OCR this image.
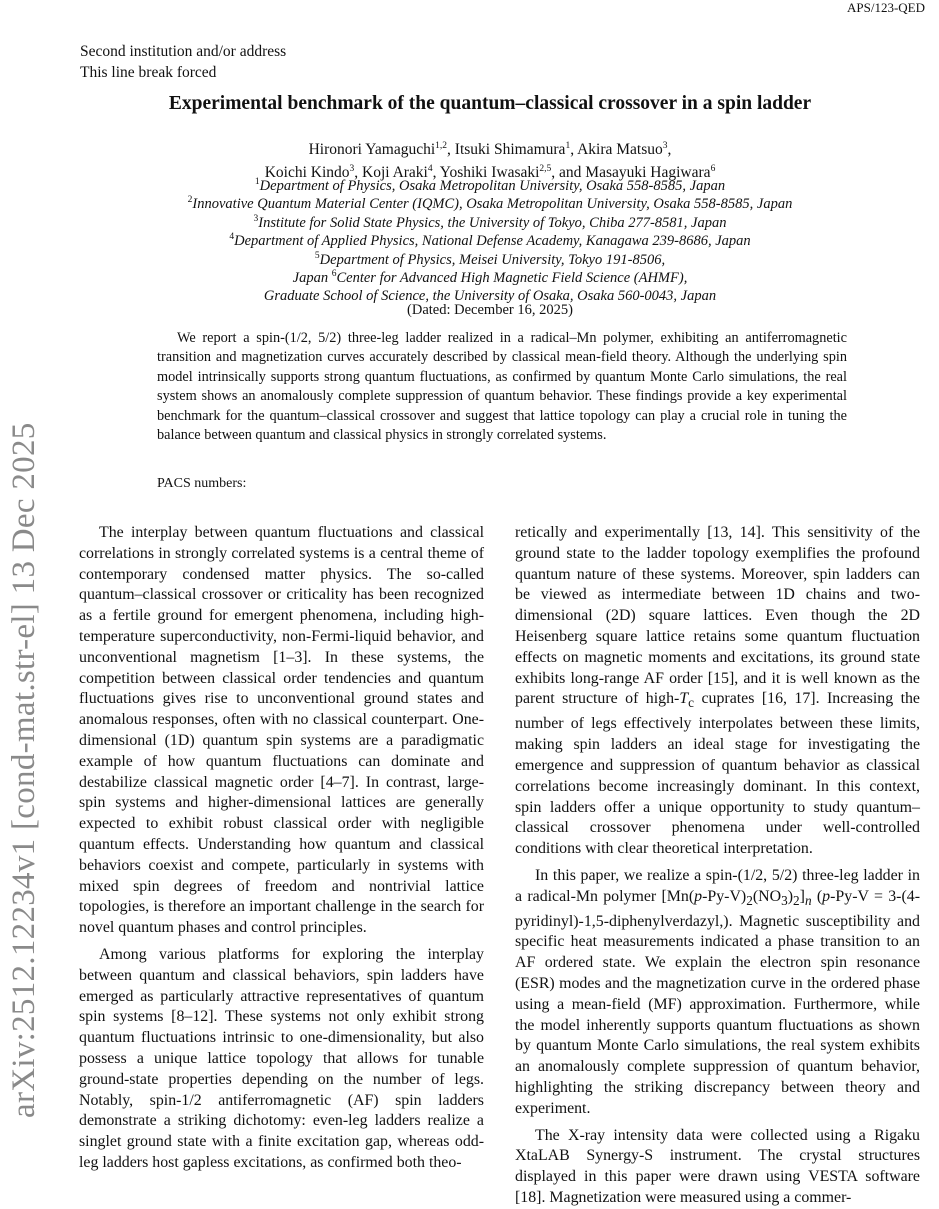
arXiv:2512.12234v1 [cond-mat.str-el] 13 Dec 2025
APS/123-QED
Second institution and/or address
This line break forced
Experimental benchmark of the quantum–classical crossover in a spin ladder
Hironori Yamaguchi$^{1,2}$, Itsuki Shimamura$^1$, Akira Matsuo$^3$,
Koichi Kindo$^3$, Koji Araki$^4$, Yoshiki Iwasaki$^{2,5}$, and Masayuki Hagiwara$^6$
$^1$Department of Physics, Osaka Metropolitan University, Osaka 558-8585, Japan
$^2$Innovative Quantum Material Center (IQMC), Osaka Metropolitan University, Osaka 558-8585, Japan
$^3$Institute for Solid State Physics, the University of Tokyo, Chiba 277-8581, Japan
$^4$Department of Applied Physics, National Defense Academy, Kanagawa 239-8686, Japan
$^5$Department of Physics, Meisei University, Tokyo 191-8506,
Japan $^6$Center for Advanced High Magnetic Field Science (AHMF),
Graduate School of Science, the University of Osaka, Osaka 560-0043, Japan
(Dated: December 16, 2025)
We report a spin-(1/2, 5/2) three-leg ladder realized in a radical–Mn polymer, exhibiting an antiferromagnetic transition and magnetization curves accurately described by classical mean-field theory. Although the underlying spin model intrinsically supports strong quantum fluctuations, as confirmed by quantum Monte Carlo simulations, the real system shows an anomalously complete suppression of quantum behavior. These findings provide a key experimental benchmark for the quantum–classical crossover and suggest that lattice topology can play a crucial role in tuning the balance between quantum and classical physics in strongly correlated systems.
PACS numbers:

The interplay between quantum fluctuations and classical correlations in strongly correlated systems is a central theme of contemporary condensed matter physics. The so-called quantum–classical crossover or criticality has been recognized as a fertile ground for emergent phenomena, including high-temperature superconductivity, non-Fermi-liquid behavior, and unconventional magnetism [1–3]. In these systems, the competition between classical order tendencies and quantum fluctuations gives rise to unconventional ground states and anomalous responses, often with no classical counterpart. One-dimensional (1D) quantum spin systems are a paradigmatic example of how quantum fluctuations can dominate and destabilize classical magnetic order [4–7]. In contrast, large-spin systems and higher-dimensional lattices are generally expected to exhibit robust classical order with negligible quantum effects. Understanding how quantum and classical behaviors coexist and compete, particularly in systems with mixed spin degrees of freedom and nontrivial lattice topologies, is therefore an important challenge in the search for novel quantum phases and control principles.

Among various platforms for exploring the interplay between quantum and classical behaviors, spin ladders have emerged as particularly attractive representatives of quantum spin systems [8–12]. These systems not only exhibit strong quantum fluctuations intrinsic to one-dimensionality, but also possess a unique lattice topology that allows for tunable ground-state properties depending on the number of legs. Notably, spin-1/2 antiferromagnetic (AF) spin ladders demonstrate a striking dichotomy: even-leg ladders realize a singlet ground state with a finite excitation gap, whereas odd-leg ladders host gapless excitations, as confirmed both theo-

retically and experimentally [13, 14]. This sensitivity of the ground state to the ladder topology exemplifies the profound quantum nature of these systems. Moreover, spin ladders can be viewed as intermediate between 1D chains and two-dimensional (2D) square lattices. Even though the 2D Heisenberg square lattice retains some quantum fluctuation effects on magnetic moments and excitations, its ground state exhibits long-range AF order [15], and it is well known as the parent structure of high-$T_c$ cuprates [16, 17]. Increasing the number of legs effectively interpolates between these limits, making spin ladders an ideal stage for investigating the emergence and suppression of quantum behavior as classical correlations become increasingly dominant. In this context, spin ladders offer a unique opportunity to study quantum–classical crossover phenomena under well-controlled conditions with clear theoretical interpretation.

In this paper, we realize a spin-(1/2, 5/2) three-leg ladder in a radical-Mn polymer $[Mn(p-Py-V)_2(NO_3)_2]_n$ (p-Py-V = 3-(4-pyridinyl)-1,5-diphenylverdazyl,). Magnetic susceptibility and specific heat measurements indicated a phase transition to an AF ordered state. We explain the electron spin resonance (ESR) modes and the magnetization curve in the ordered phase using a mean-field (MF) approximation. Furthermore, while the model inherently supports quantum fluctuations as shown by quantum Monte Carlo simulations, the real system exhibits an anomalously complete suppression of quantum behavior, highlighting the striking discrepancy between theory and experiment.

The X-ray intensity data were collected using a Rigaku XtaLAB Synergy-S instrument. The crystal structures displayed in this paper were drawn using VESTA software [18]. Magnetization were measured using a commer-
